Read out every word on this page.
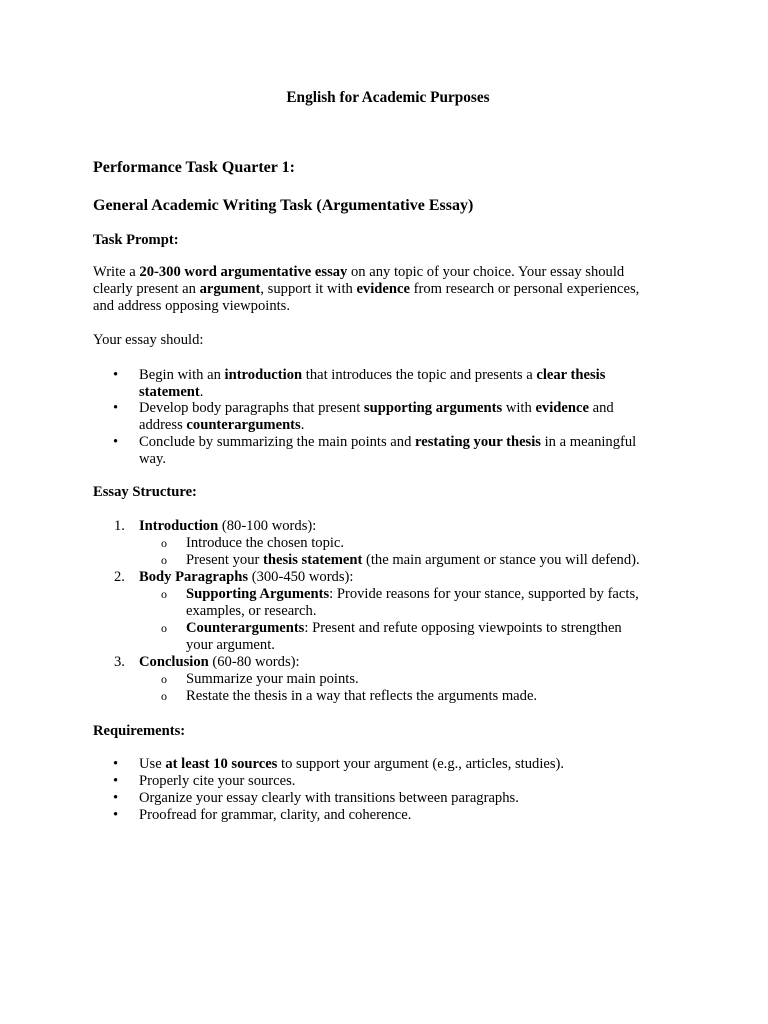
English for Academic Purposes
Performance Task Quarter 1:
General Academic Writing Task (Argumentative Essay)
Task Prompt:
Write a 20-300 word argumentative essay on any topic of your choice. Your essay should
clearly present an argument, support it with evidence from research or personal experiences,
and address opposing viewpoints.
Your essay should:
• Begin with an introduction that introduces the topic and presents a clear thesis
statement.
• Develop body paragraphs that present supporting arguments with evidence and
address counterarguments.
• Conclude by summarizing the main points and restating your thesis in a meaningful
way.
Essay Structure:
1. Introduction (80-100 words):
o Introduce the chosen topic.
o Present your thesis statement (the main argument or stance you will defend).
2. Body Paragraphs (300-450 words):
o Supporting Arguments: Provide reasons for your stance, supported by facts,
examples, or research.
o Counterarguments: Present and refute opposing viewpoints to strengthen
your argument.
3. Conclusion (60-80 words):
o Summarize your main points.
o Restate the thesis in a way that reflects the arguments made.
Requirements:
• Use at least 10 sources to support your argument (e.g., articles, studies).
• Properly cite your sources.
• Organize your essay clearly with transitions between paragraphs.
• Proofread for grammar, clarity, and coherence.
